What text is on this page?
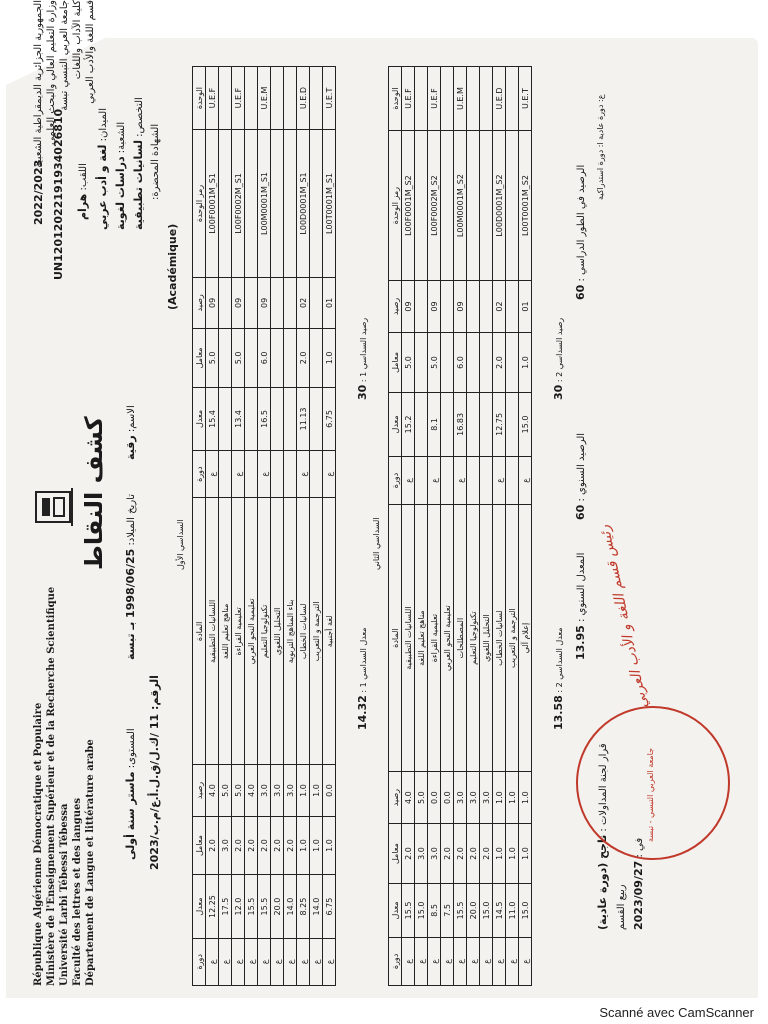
République Algérienne Démocratique et Populaire Ministère de l'Enseignement Supérieur et de la Recherche Scientifique Université Larbi Tébessi Tébessa Faculté des lettres et des langues Département de Langue et littérature arabe
الجمهورية الجزائرية الديمقراطية الشعبية وزارة التعليم العالي والبحث العلمي جامعة العربي التبسي تبسة كلية الآداب واللغات قسم اللغة والأدب العربي
كشف النقاط
2022/2023 UN12012022191934026810
الاسم: رقية
اللقب: هرام
تاريخ الميلاد: 1998/06/25 بـ تبسة
المستوى: ماستر سنة أولى الرقم: 11 /ك.ل/ق.ل.أ.ع/م.ب/2023
الميدان: لغة و أدب عربي
الشعبة: دراسات لغوية
التخصص: لسانيات تطبيقية الشهادة المحضرة:
(Académique)
السداسي الأول
دورة	معدل	معامل	رصيد	المادة	دورة	معدل	معامل	رصيد	رمز الوحدة	الوحدة
ع	12.25	2.0	4.0	اللسانيات التطبيقية	ع	15.4	5.0	09	L00F0001M_S1	U.E.F
ع	17.5	3.0	5.0	مناهج تعليم اللغة						
ع	12.0	2.0	5.0	تعليمية القراءة	ع	13.4	5.0	09	L00F0002M_S1	U.E.F
ع	15.5	2.0	4.0	تعليمية النحو العربي						
ع	15.5	2.0	3.0	تكنولوجيا التعليم	ع	16.5	6.0	09	L00M0001M_S1	U.E.M
ع	20.0	2.0	3.0	التحليل اللغوي						
ع	14.0	2.0	3.0	بناء المناهج التربوية						
ع	8.25	1.0	1.0	لسانيات الخطاب	ع	11.13	2.0	02	L00D0001M_S1	U.E.D
ع	14.0	1.0	1.0	الترجمة و التعريب						
ع	6.75	1.0	0.0	لغة أجنبية	ع	6.75	1.0	01	L00T0001M_S1	U.E.T
معدل السداسي 1 : 14.32
رصيد السداسي 1 : 30
السداسي الثاني
دورة	معدل	معامل	رصيد	المادة	دورة	معدل	معامل	رصيد	رمز الوحدة	الوحدة
ع	15.5	2.0	4.0	اللسانيات التطبيقية	ع	15.2	5.0	09	L00F0001M_S2	U.E.F
ع	15.0	3.0	5.0	مناهج تعليم اللغة						
ع	8.5	3.0	0.0	تعليمية القراءة	ع	8.1	5.0	09	L00F0002M_S2	U.E.F
ع	7.5	2.0	0.0	تعليمية النحو العربي						
ع	15.5	2.0	3.0	المصطلحات	ع	16.83	6.0	09	L00M0001M_S2	U.E.M
ع	20.0	2.0	3.0	تكنولوجيا التعليم						
ع	15.0	2.0	3.0	التحليل اللغوي						
ع	14.5	1.0	1.0	لسانيات الخطاب	ع	12.75	2.0	02	L00D0001M_S2	U.E.D
ع	11.0	1.0	1.0	الترجمة و التعريب						
ع	15.0	1.0	1.0	إعلام آلي	ع	15.0	1.0	01	L00T0001M_S2	U.E.T
معدل السداسي 2 : 13.58
رصيد السداسي 2 : 30
المعدل السنوي : 13.95
الرصيد السنوي : 60
الرصيد في الطور الدراسي : 60
قرار لجنة المداولات : ناجح (دورة عادية) ربيع القسم
في : 2023/09/27
ع: دورة عادية ا: دورة استدراكية
جامعة العربي التبسي - تبسة
رئيس قسم اللغة و الأدب العربي
Scanné avec CamScanner
